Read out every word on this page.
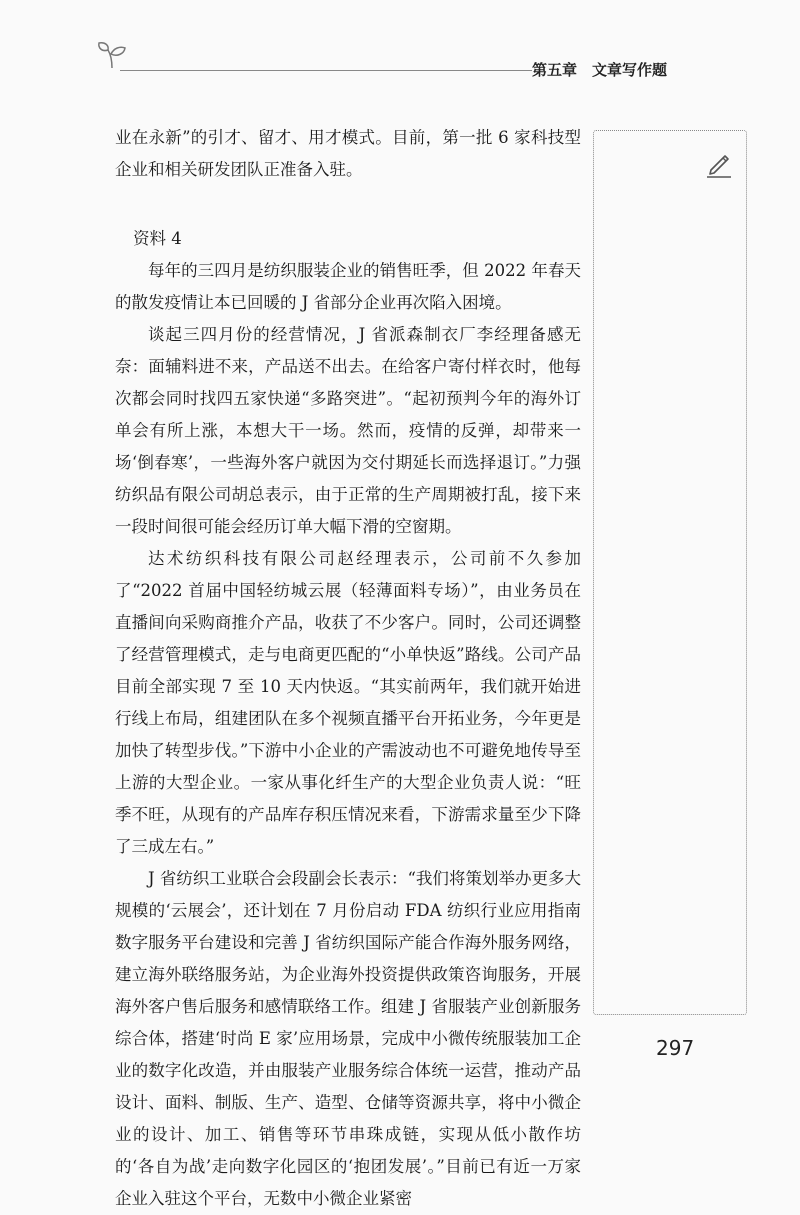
第五章　文章写作题

业在永新”的引才、留才、用才模式。目前，第一批 6 家科技型企业和相关研发团队正准备入驻。

资料 4

每年的三四月是纺织服装企业的销售旺季，但 2022 年春天的散发疫情让本已回暖的 J 省部分企业再次陷入困境。

谈起三四月份的经营情况，J 省派森制衣厂李经理备感无奈：面辅料进不来，产品送不出去。在给客户寄付样衣时，他每次都会同时找四五家快递“多路突进”。“起初预判今年的海外订单会有所上涨，本想大干一场。然而，疫情的反弹，却带来一场‘倒春寒’，一些海外客户就因为交付期延长而选择退订。”力强纺织品有限公司胡总表示，由于正常的生产周期被打乱，接下来一段时间很可能会经历订单大幅下滑的空窗期。

达术纺织科技有限公司赵经理表示，公司前不久参加了“2022 首届中国轻纺城云展（轻薄面料专场）”，由业务员在直播间向采购商推介产品，收获了不少客户。同时，公司还调整了经营管理模式，走与电商更匹配的“小单快返”路线。公司产品目前全部实现 7 至 10 天内快返。“其实前两年，我们就开始进行线上布局，组建团队在多个视频直播平台开拓业务，今年更是加快了转型步伐。”下游中小企业的产需波动也不可避免地传导至上游的大型企业。一家从事化纤生产的大型企业负责人说：“旺季不旺，从现有的产品库存积压情况来看，下游需求量至少下降了三成左右。”

J 省纺织工业联合会段副会长表示：“我们将策划举办更多大规模的‘云展会’，还计划在 7 月份启动 FDA 纺织行业应用指南数字服务平台建设和完善 J 省纺织国际产能合作海外服务网络，建立海外联络服务站，为企业海外投资提供政策咨询服务，开展海外客户售后服务和感情联络工作。组建 J 省服装产业创新服务综合体，搭建‘时尚 E 家’应用场景，完成中小微传统服装加工企业的数字化改造，并由服装产业服务综合体统一运营，推动产品设计、面料、制版、生产、造型、仓储等资源共享，将中小微企业的设计、加工、销售等环节串珠成链，实现从低小散作坊的‘各自为战’走向数字化园区的‘抱团发展’。”目前已有近一万家企业入驻这个平台，无数中小微企业紧密

297
